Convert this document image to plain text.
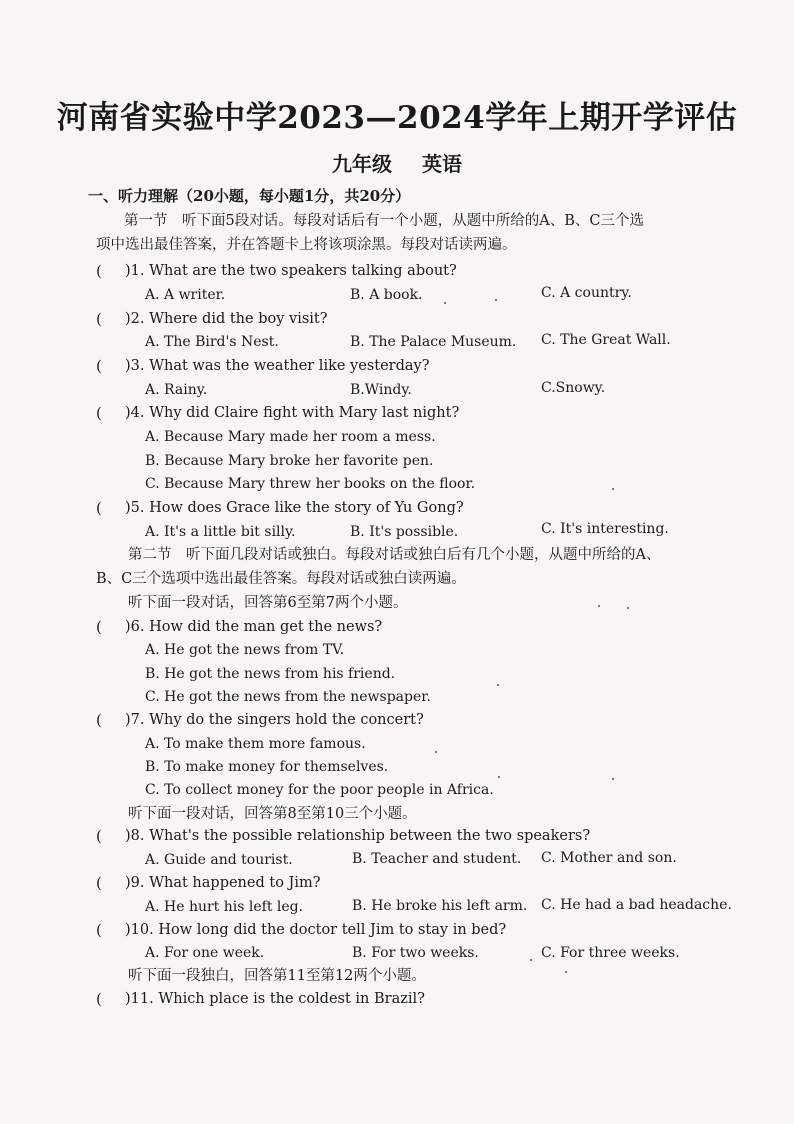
河南省实验中学2023—2024学年上期开学评估
九年级 英语
一、听力理解（20小题，每小题1分，共20分）
第一节　听下面5段对话。每段对话后有一个小题，从题中所给的A、B、C三个选
项中选出最佳答案，并在答题卡上将该项涂黑。每段对话读两遍。
( )1. What are the two speakers talking about?
A. A writer.	B. A book.	C. A country.
( )2. Where did the boy visit?
A. The Bird's Nest.	B. The Palace Museum. C. The Great Wall.
( )3. What was the weather like yesterday?
A. Rainy.	B.Windy.	C.Snowy.
( )4. Why did Claire fight with Mary last night?
A. Because Mary made her room a mess.
B. Because Mary broke her favorite pen.
C. Because Mary threw her books on the floor.
( )5. How does Grace like the story of Yu Gong?
A. It's a little bit silly.	B. It's possible.	C. It's interesting.
第二节　听下面几段对话或独白。每段对话或独白后有几个小题，从题中所给的A、
B、C三个选项中选出最佳答案。每段对话或独白读两遍。
听下面一段对话，回答第6至第7两个小题。
( )6. How did the man get the news?
A. He got the news from TV.
B. He got the news from his friend.
C. He got the news from the newspaper.
( )7. Why do the singers hold the concert?
A. To make them more famous.
B. To make money for themselves.
C. To collect money for the poor people in Africa.
听下面一段对话，回答第8至第10三个小题。
( )8. What's the possible relationship between the two speakers?
A. Guide and tourist.	B. Teacher and student. C. Mother and son.
( )9. What happened to Jim?
A. He hurt his left leg.	B. He broke his left arm. C. He had a bad headache.
( )10. How long did the doctor tell Jim to stay in bed?
A. For one week.	B. For two weeks.	C. For three weeks.
听下面一段独白，回答第11至第12两个小题。
( )11. Which place is the coldest in Brazil?
